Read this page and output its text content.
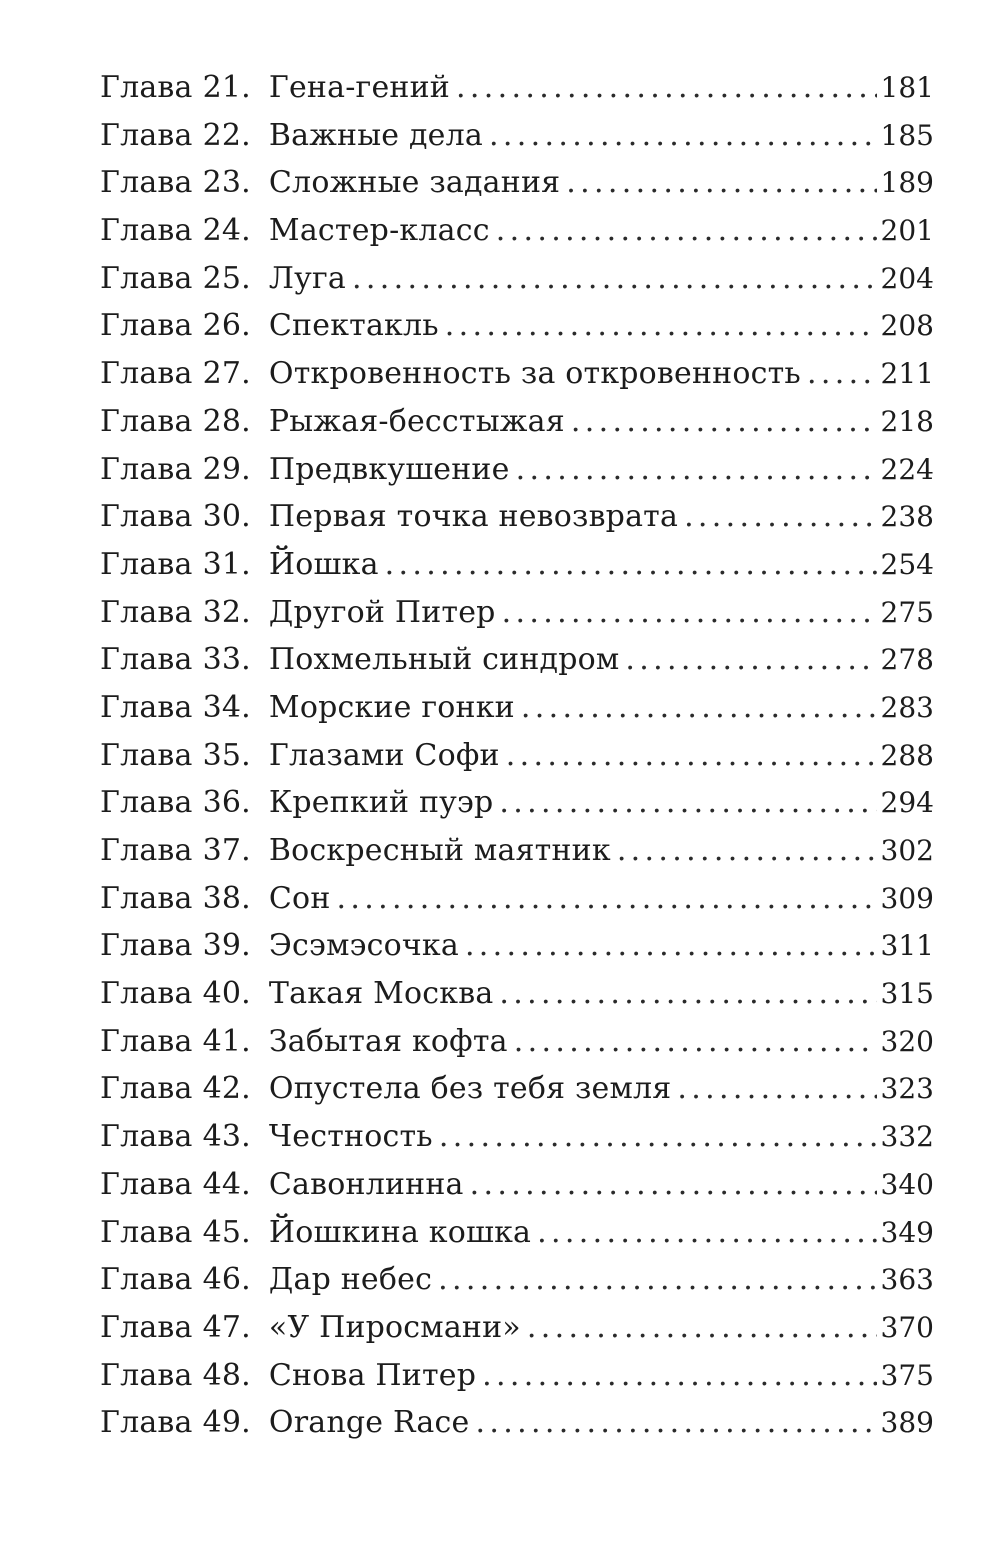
Глава 21. Гена-гений . . .	181
Глава 22. Важные дела . . .	185
Глава 23. Сложные задания . . .	189
Глава 24. Мастер-класс . . .	201
Глава 25. Луга . . .	204
Глава 26. Спектакль . . .	208
Глава 27. Откровенность за откровенность . . .	211
Глава 28. Рыжая-бесстыжая . . .	218
Глава 29. Предвкушение . . .	224
Глава 30. Первая точка невозврата . . .	238
Глава 31. Йошка . . .	254
Глава 32. Другой Питер . . .	275
Глава 33. Похмельный синдром . . .	278
Глава 34. Морские гонки . . .	283
Глава 35. Глазами Софи . . .	288
Глава 36. Крепкий пуэр . . .	294
Глава 37. Воскресный маятник . . .	302
Глава 38. Сон . . .	309
Глава 39. Эсэмэсочка . . .	311
Глава 40. Такая Москва . . .	315
Глава 41. Забытая кофта . . .	320
Глава 42. Опустела без тебя земля . . .	323
Глава 43. Честность . . .	332
Глава 44. Савонлинна . . .	340
Глава 45. Йошкина кошка . . .	349
Глава 46. Дар небес . . .	363
Глава 47. «У Пиросмани» . . .	370
Глава 48. Снова Питер . . .	375
Глава 49. Orange Race . . .	389
